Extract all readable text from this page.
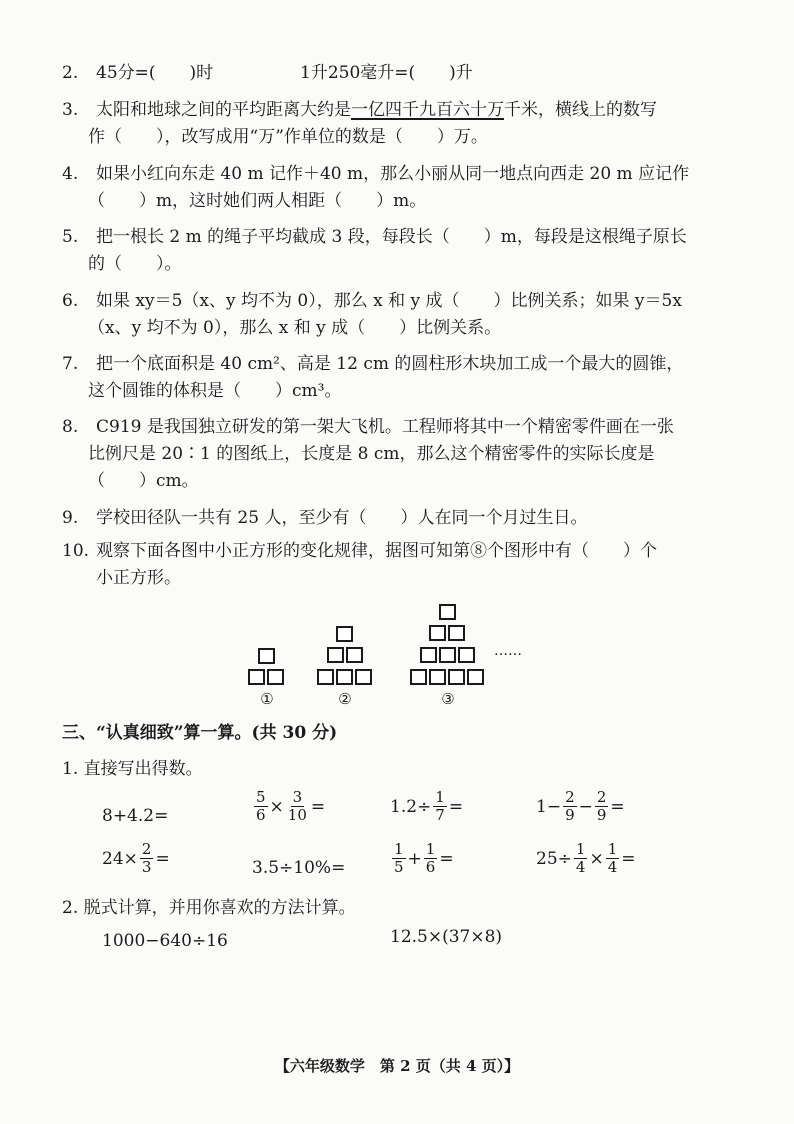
2. 45分=(　　)时	1升250毫升=(　　)升
3. 太阳和地球之间的平均距离大约是一亿四千九百六十万千米，横线上的数写
作（　　），改写成用“万”作单位的数是（　　）万。
4. 如果小红向东走 40 m 记作＋40 m，那么小丽从同一地点向西走 20 m 应记作
（　　）m，这时她们两人相距（　　）m。
5. 把一根长 2 m 的绳子平均截成 3 段，每段长（　　）m，每段是这根绳子原长
的（　　）。
6. 如果 xy＝5（x、y 均不为 0），那么 x 和 y 成（　　）比例关系；如果 y＝5x
（x、y 均不为 0），那么 x 和 y 成（　　）比例关系。
7. 把一个底面积是 40 cm²、高是 12 cm 的圆柱形木块加工成一个最大的圆锥，
这个圆锥的体积是（　　）cm³。
8. C919 是我国独立研发的第一架大飞机。工程师将其中一个精密零件画在一张
比例尺是 20∶1 的图纸上，长度是 8 cm，那么这个精密零件的实际长度是
（　　）cm。
9. 学校田径队一共有 25 人，至少有（　　）人在同一个月过生日。
10. 观察下面各图中小正方形的变化规律，据图可知第⑧个图形中有（　　）个
小正方形。
①	②	③
……
三、“认真细致”算一算。(共 30 分)
1. 直接写出得数。
8+4.2=	$\frac{5}{6} \times \frac{3}{10}$ =	$1.2\div \frac{1}{7}$ =	$1- \frac{2}{9} - \frac{2}{9}$ =
$24\times \frac{2}{3}$ =	3.5÷10%=	$\frac{1}{5} + \frac{1}{6}$ =	$25\div \frac{1}{4} \times \frac{1}{4}$ =
2. 脱式计算，并用你喜欢的方法计算。
1000−640÷16	12.5×(37×8)
【六年级数学　第 2 页（共 4 页）】
